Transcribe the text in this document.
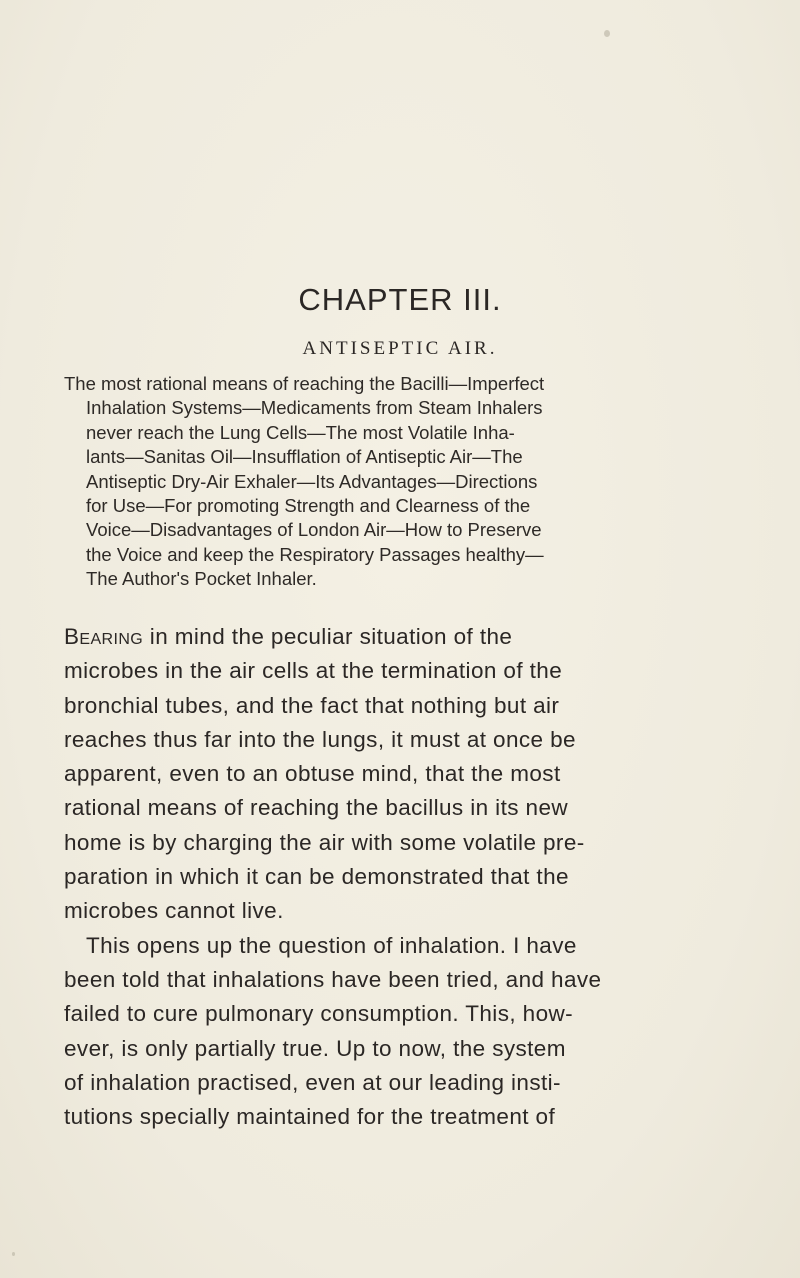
CHAPTER III.
ANTISEPTIC AIR.
The most rational means of reaching the Bacilli—Imperfect
Inhalation Systems—Medicaments from Steam Inhalers
never reach the Lung Cells—The most Volatile Inha-
lants—Sanitas Oil—Insufflation of Antiseptic Air—The
Antiseptic Dry-Air Exhaler—Its Advantages—Directions
for Use—For promoting Strength and Clearness of the
Voice—Disadvantages of London Air—How to Preserve
the Voice and keep the Respiratory Passages healthy—
The Author's Pocket Inhaler.
Bearing in mind the peculiar situation of the
microbes in the air cells at the termination of the
bronchial tubes, and the fact that nothing but air
reaches thus far into the lungs, it must at once be
apparent, even to an obtuse mind, that the most
rational means of reaching the bacillus in its new
home is by charging the air with some volatile pre-
paration in which it can be demonstrated that the
microbes cannot live.
This opens up the question of inhalation. I have
been told that inhalations have been tried, and have
failed to cure pulmonary consumption. This, how-
ever, is only partially true. Up to now, the system
of inhalation practised, even at our leading insti-
tutions specially maintained for the treatment of
